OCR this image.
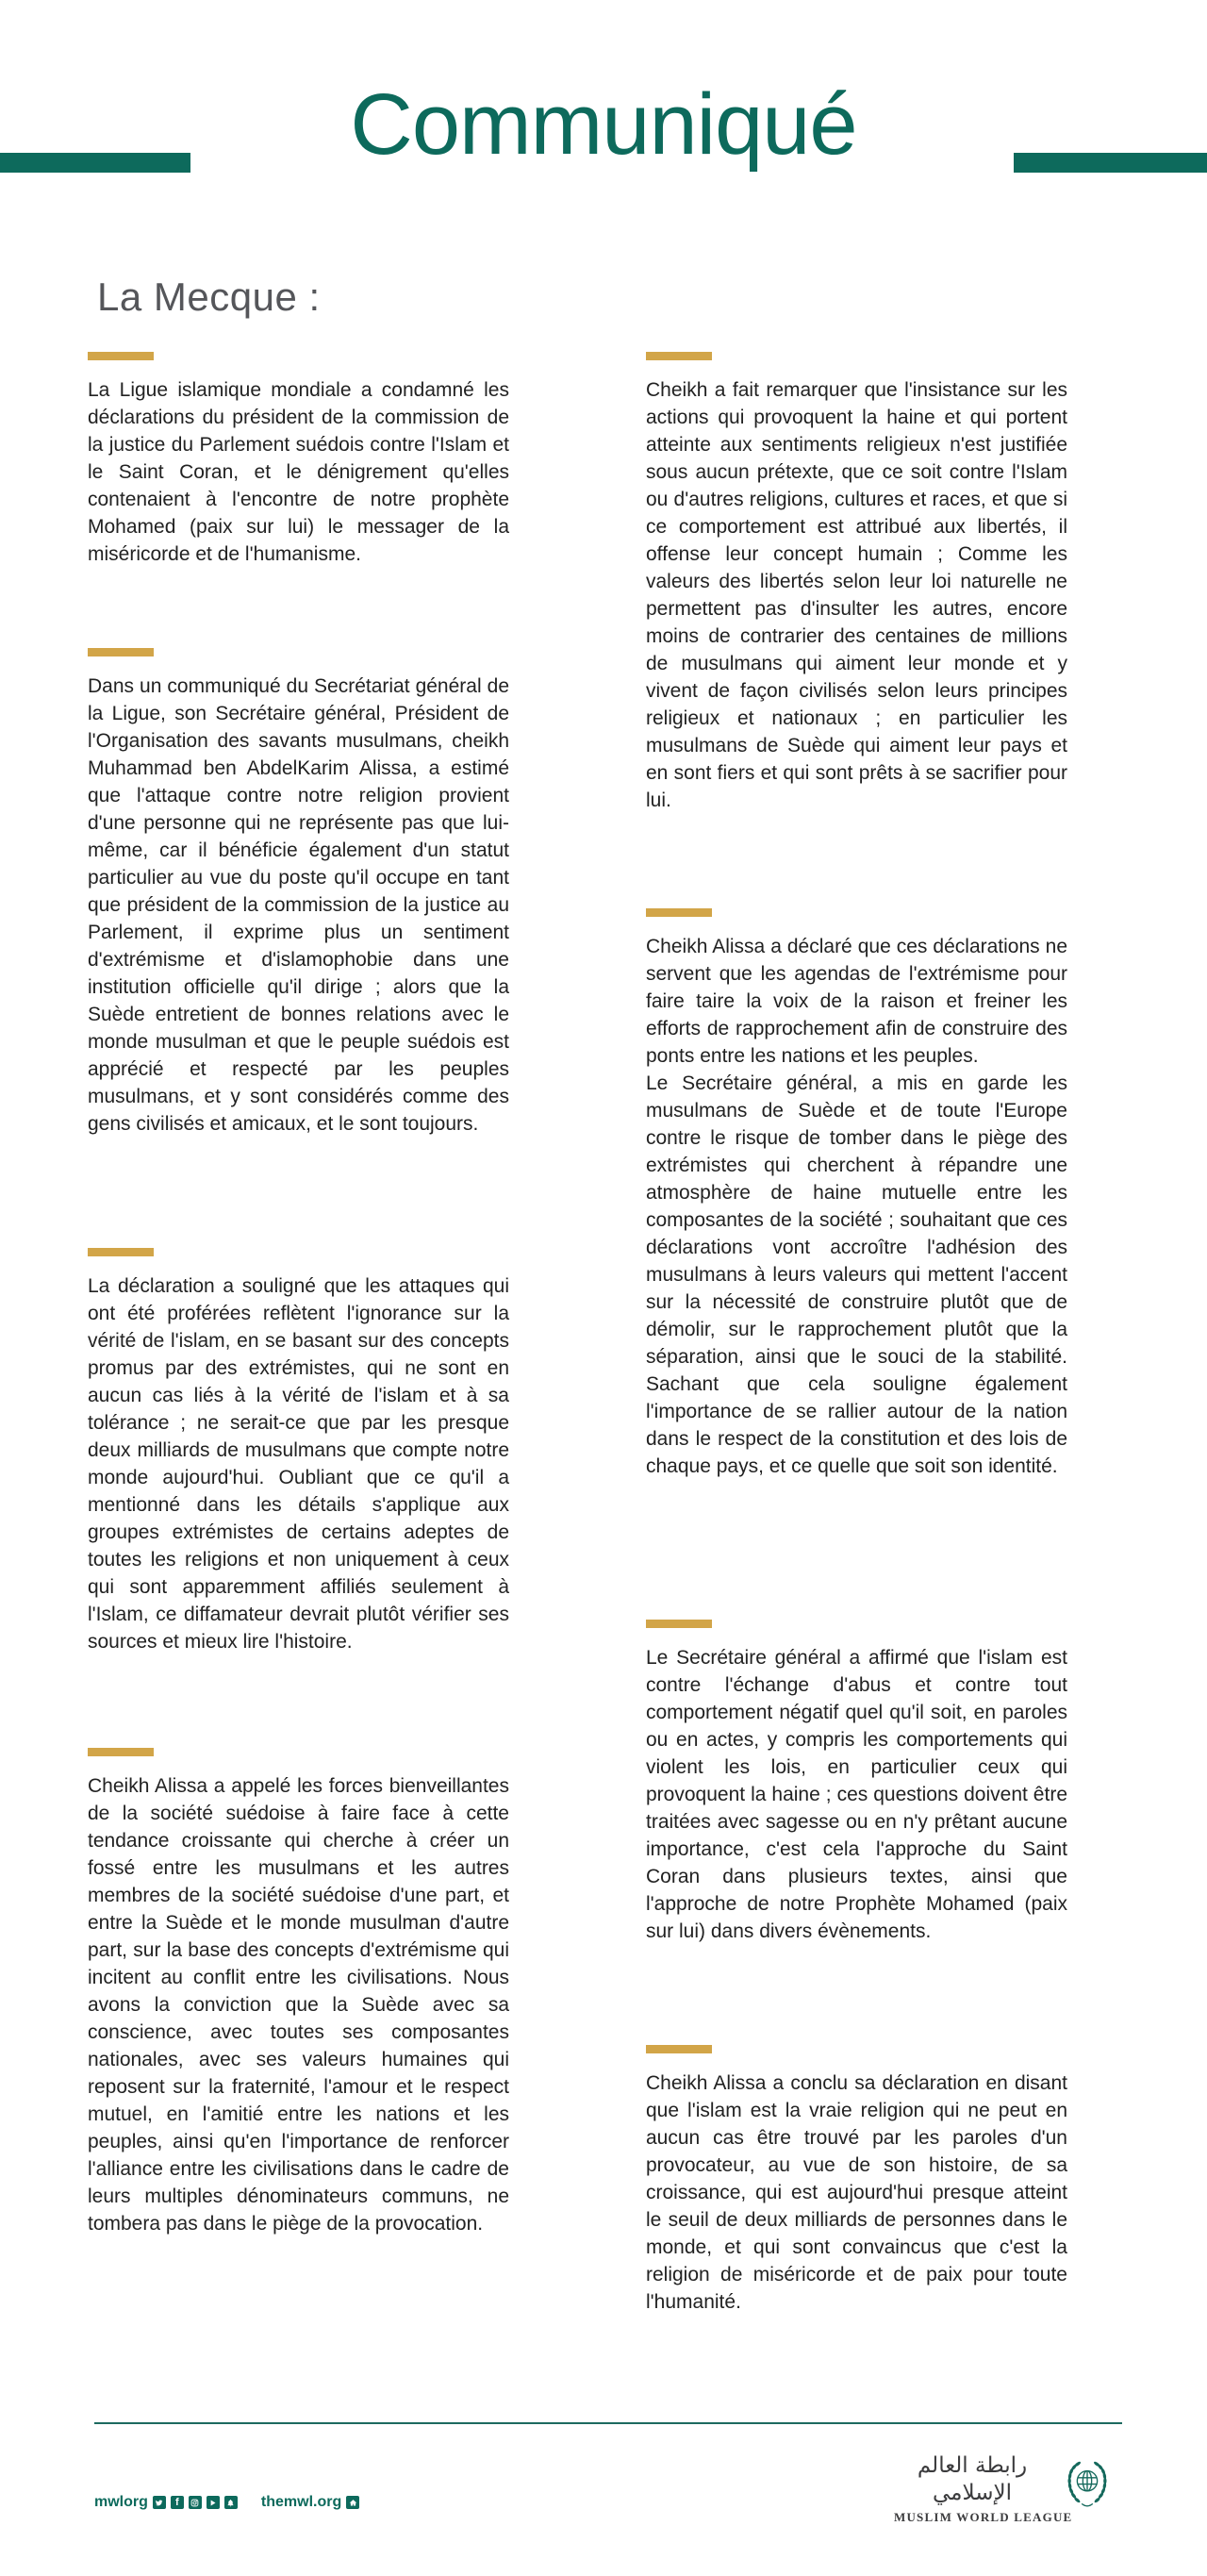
Communiqué
La Mecque :

La Ligue islamique mondiale a condamné les déclarations du président de la commission de la justice du Parlement suédois contre l'Islam et le Saint Coran, et le dénigrement qu'elles contenaient à l'encontre de notre prophète Mohamed (paix sur lui) le messager de la miséricorde et de l'humanisme.

Dans un communiqué du Secrétariat général de la Ligue, son Secrétaire général, Président de l'Organisation des savants musulmans, cheikh Muhammad ben AbdelKarim Alissa, a estimé que l'attaque contre notre religion provient d'une personne qui ne représente pas que lui-même, car il bénéficie également d'un statut particulier au vue du poste qu'il occupe en tant que président de la commission de la justice au Parlement, il exprime plus un sentiment d'extrémisme et d'islamophobie dans une institution officielle qu'il dirige ; alors que la Suède entretient de bonnes relations avec le monde musulman et que le peuple suédois est apprécié et respecté par les peuples musulmans, et y sont considérés comme des gens civilisés et amicaux, et le sont toujours.

La déclaration a souligné que les attaques qui ont été proférées reflètent l'ignorance sur la vérité de l'islam, en se basant sur des concepts promus par des extrémistes, qui ne sont en aucun cas liés à la vérité de l'islam et à sa tolérance ; ne serait-ce que par les presque deux milliards de musulmans que compte notre monde aujourd'hui. Oubliant que ce qu'il a mentionné dans les détails s'applique aux groupes extrémistes de certains adeptes de toutes les religions et non uniquement à ceux qui sont apparemment affiliés seulement à l'Islam, ce diffamateur devrait plutôt vérifier ses sources et mieux lire l'histoire.

Cheikh Alissa a appelé les forces bienveillantes de la société suédoise à faire face à cette tendance croissante qui cherche à créer un fossé entre les musulmans et les autres membres de la société suédoise d'une part, et entre la Suède et le monde musulman d'autre part, sur la base des concepts d'extrémisme qui incitent au conflit entre les civilisations. Nous avons la conviction que la Suède avec sa conscience, avec toutes ses composantes nationales, avec ses valeurs humaines qui reposent sur la fraternité, l'amour et le respect mutuel, en l'amitié entre les nations et les peuples, ainsi qu'en l'importance de renforcer l'alliance entre les civilisations dans le cadre de leurs multiples dénominateurs communs, ne tombera pas dans le piège de la provocation.

Cheikh a fait remarquer que l'insistance sur les actions qui provoquent la haine et qui portent atteinte aux sentiments religieux n'est justifiée sous aucun prétexte, que ce soit contre l'Islam ou d'autres religions, cultures et races, et que si ce comportement est attribué aux libertés, il offense leur concept humain ; Comme les valeurs des libertés selon leur loi naturelle ne permettent pas d'insulter les autres, encore moins de contrarier des centaines de millions de musulmans qui aiment leur monde et y vivent de façon civilisés selon leurs principes religieux et nationaux ; en particulier les musulmans de Suède qui aiment leur pays et en sont fiers et qui sont prêts à se sacrifier pour lui.

Cheikh Alissa a déclaré que ces déclarations ne servent que les agendas de l'extrémisme pour faire taire la voix de la raison et freiner les efforts de rapprochement afin de construire des ponts entre les nations et les peuples.

Le Secrétaire général, a mis en garde les musulmans de Suède et de toute l'Europe contre le risque de tomber dans le piège des extrémistes qui cherchent à répandre une atmosphère de haine mutuelle entre les composantes de la société ; souhaitant que ces déclarations vont accroître l'adhésion des musulmans à leurs valeurs qui mettent l'accent sur la nécessité de construire plutôt que de démolir, sur le rapprochement plutôt que la séparation, ainsi que le souci de la stabilité. Sachant que cela souligne également l'importance de se rallier autour de la nation dans le respect de la constitution et des lois de chaque pays, et ce quelle que soit son identité.

Le Secrétaire général a affirmé que l'islam est contre l'échange d'abus et contre tout comportement négatif quel qu'il soit, en paroles ou en actes, y compris les comportements qui violent les lois, en particulier ceux qui provoquent la haine ; ces questions doivent être traitées avec sagesse ou en n'y prêtant aucune importance, c'est cela l'approche du Saint Coran dans plusieurs textes, ainsi que l'approche de notre Prophète Mohamed (paix sur lui) dans divers évènements.

Cheikh Alissa a conclu sa déclaration en disant que l'islam est la vraie religion qui ne peut en aucun cas être trouvé par les paroles d'un provocateur, au vue de son histoire, de sa croissance, qui est aujourd'hui presque atteint le seuil de deux milliards de personnes dans le monde, et qui sont convaincus que c'est la religion de miséricorde et de paix pour toute l'humanité.

mwlorg	f	themwl.org
رابطة العالم الإسلامي
MUSLIM WORLD LEAGUE
